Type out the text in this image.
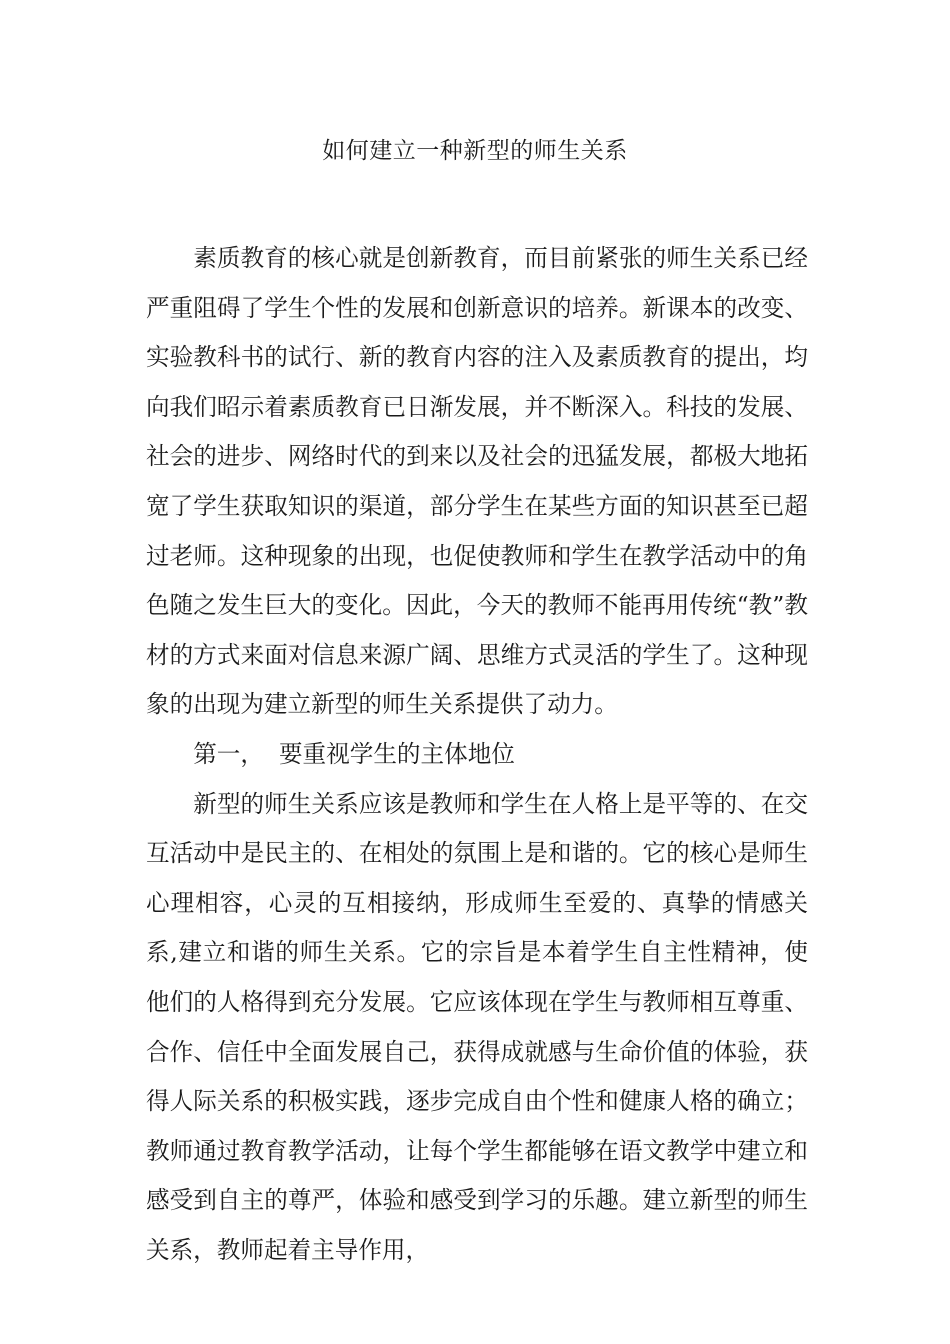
如何建立一种新型的师生关系

素质教育的核心就是创新教育，而目前紧张的师生关系已经严重阻碍了学生个性的发展和创新意识的培养。新课本的改变、实验教科书的试行、新的教育内容的注入及素质教育的提出，均向我们昭示着素质教育已日渐发展，并不断深入。科技的发展、社会的进步、网络时代的到来以及社会的迅猛发展，都极大地拓宽了学生获取知识的渠道，部分学生在某些方面的知识甚至已超过老师。这种现象的出现，也促使教师和学生在教学活动中的角色随之发生巨大的变化。因此，今天的教师不能再用传统“教”教材的方式来面对信息来源广阔、思维方式灵活的学生了。这种现象的出现为建立新型的师生关系提供了动力。

第一，  要重视学生的主体地位

新型的师生关系应该是教师和学生在人格上是平等的、在交互活动中是民主的、在相处的氛围上是和谐的。它的核心是师生心理相容，心灵的互相接纳，形成师生至爱的、真挚的情感关系,建立和谐的师生关系。它的宗旨是本着学生自主性精神，使他们的人格得到充分发展。它应该体现在学生与教师相互尊重、合作、信任中全面发展自己，获得成就感与生命价值的体验，获得人际关系的积极实践，逐步完成自由个性和健康人格的确立；教师通过教育教学活动，让每个学生都能够在语文教学中建立和感受到自主的尊严，体验和感受到学习的乐趣。建立新型的师生关系，教师起着主导作用，
